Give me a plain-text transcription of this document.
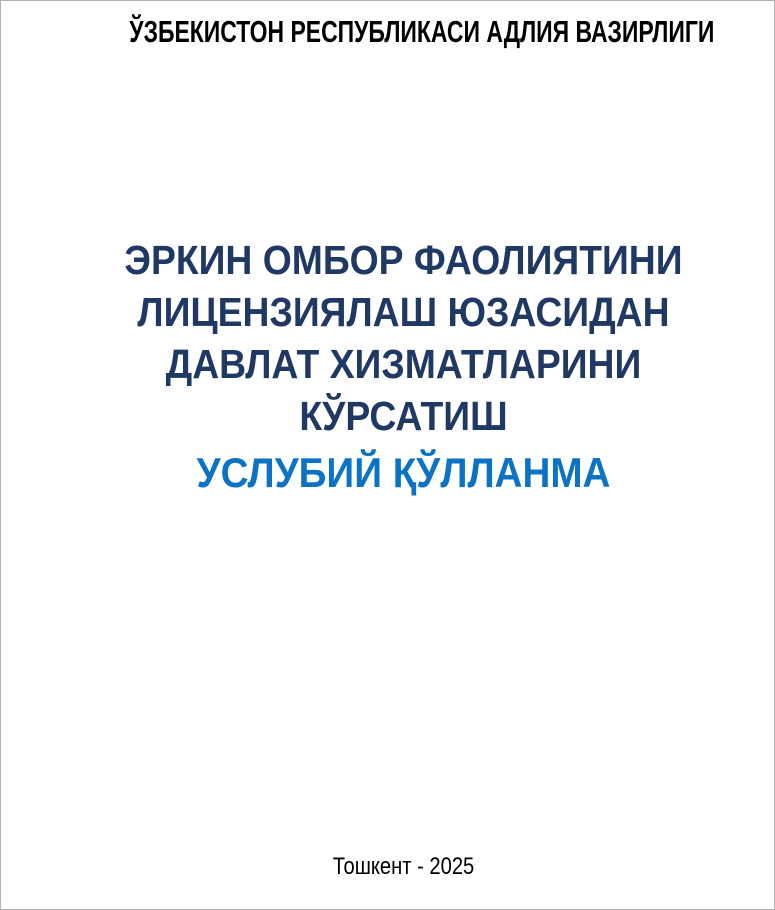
ЎЗБЕКИСТОН РЕСПУБЛИКАСИ АДЛИЯ ВАЗИРЛИГИ
ЭРКИН ОМБОР ФАОЛИЯТИНИ
ЛИЦЕНЗИЯЛАШ ЮЗАСИДАН
ДАВЛАТ ХИЗМАТЛАРИНИ
КЎРСАТИШ
УСЛУБИЙ ҚЎЛЛАНМА
Тошкент - 2025
